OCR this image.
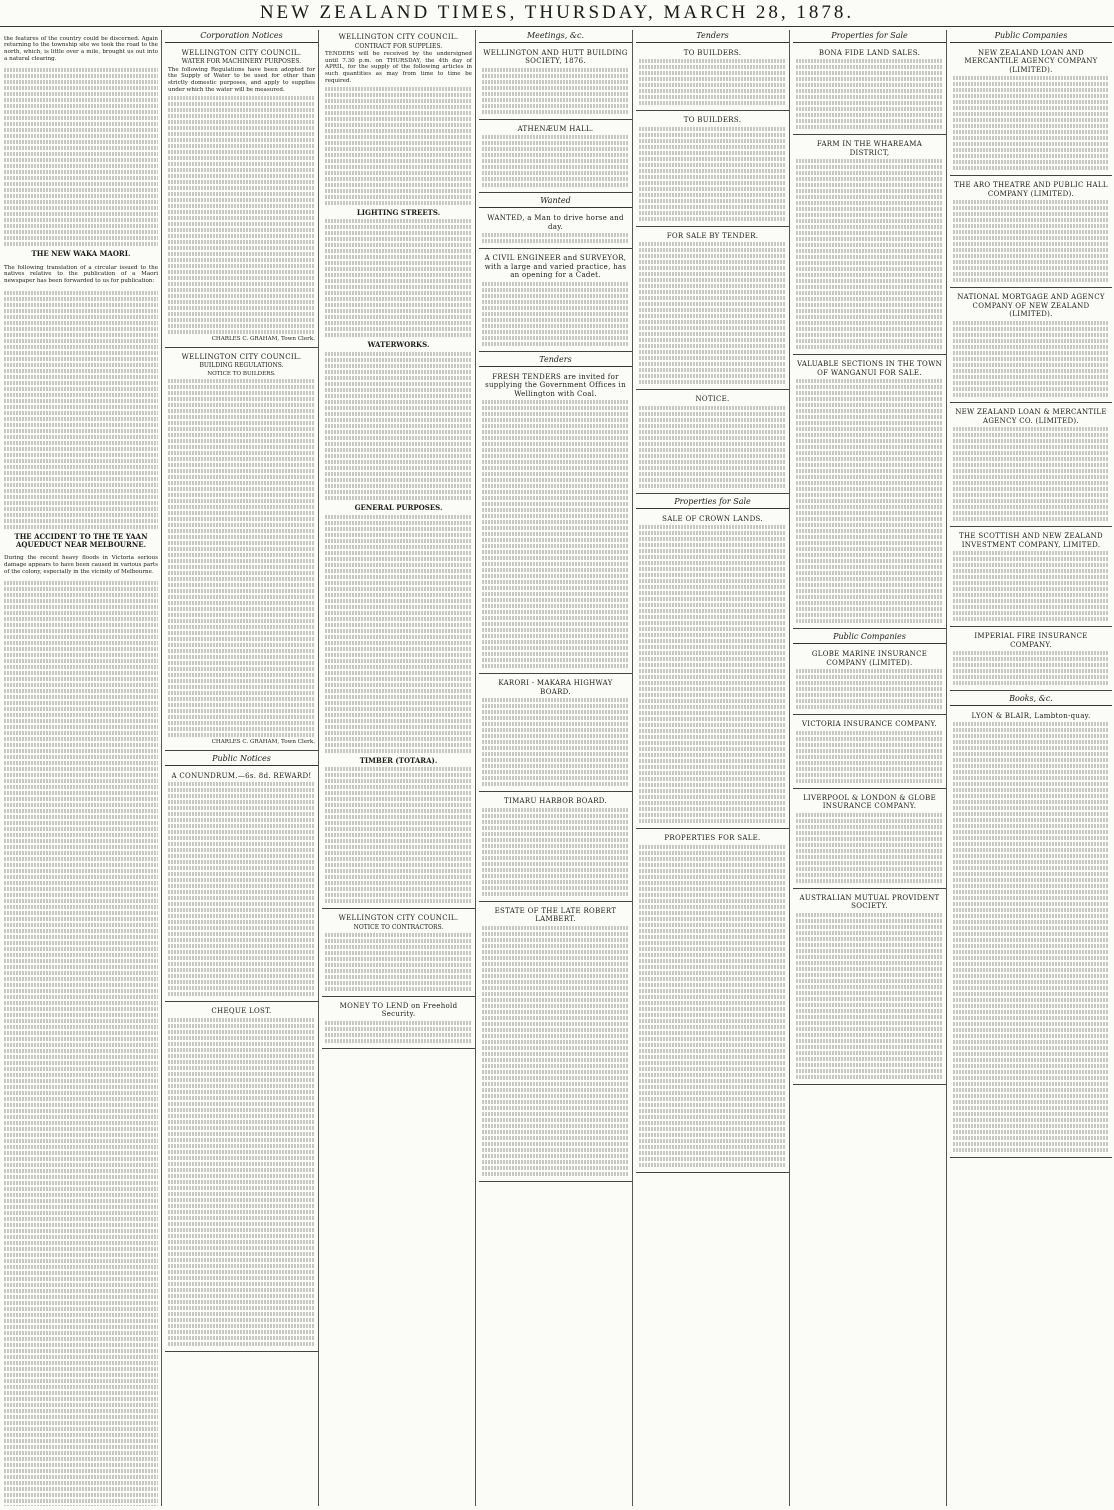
NEW ZEALAND TIMES, THURSDAY, MARCH 28, 1878.

the features of the country could be discerned. Again returning to the township site we took the road to the north, which, is little over a mile, brought us out into a natural clearing.

THE NEW WAKA MAORI.

The following translation of a circular issued to the natives relative to the publication of a Maori newspaper has been forwarded to us for publication:

THE ACCIDENT TO THE TE YAAN AQUEDUCT NEAR MELBOURNE.

During the recent heavy floods in Victoria serious damage appears to have been caused in various parts of the colony, especially in the vicinity of Melbourne.

Corporation Notices
WELLINGTON CITY COUNCIL.
WATER FOR MACHINERY PURPOSES.

The following Regulations have been adopted for the Supply of Water to be used for other than strictly domestic purposes, and apply to supplies under which the water will be measured.

CHARLES C. GRAHAM, Town Clerk.

WELLINGTON CITY COUNCIL.
BUILDING REGULATIONS.

NOTICE TO BUILDERS.

CHARLES C. GRAHAM, Town Clerk.

Public Notices
A CONUNDRUM.—6s. 8d. REWARD!
CHEQUE LOST.
WELLINGTON CITY COUNCIL.
CONTRACT FOR SUPPLIES.

TENDERS will be received by the undersigned until 7.30 p.m. on THURSDAY, the 4th day of APRIL, for the supply of the following articles in such quantities as may from time to time be required.

LIGHTING STREETS.
WATERWORKS.
GENERAL PURPOSES.
TIMBER (TOTARA).
WELLINGTON CITY COUNCIL.
NOTICE TO CONTRACTORS.
MONEY TO LEND on Freehold Security.
Meetings, &c.
WELLINGTON AND HUTT BUILDING SOCIETY, 1876.
ATHENÆUM HALL.
Wanted
WANTED, a Man to drive horse and day.
A CIVIL ENGINEER and SURVEYOR, with a large and varied practice, has an opening for a Cadet.
Tenders
FRESH TENDERS are invited for supplying the Government Offices in Wellington with Coal.
KARORI - MAKARA HIGHWAY BOARD.
TIMARU HARBOR BOARD.
ESTATE OF THE LATE ROBERT LAMBERT.
Tenders
TO BUILDERS.
TO BUILDERS.
FOR SALE BY TENDER.
NOTICE.
Properties for Sale
SALE OF CROWN LANDS.
PROPERTIES FOR SALE.
Properties for Sale
BONA FIDE LAND SALES.
FARM IN THE WHAREAMA DISTRICT,
VALUABLE SECTIONS IN THE TOWN OF WANGANUI FOR SALE.
Public Companies
GLOBE MARINE INSURANCE COMPANY (LIMITED).
VICTORIA INSURANCE COMPANY.
LIVERPOOL & LONDON & GLOBE INSURANCE COMPANY.
AUSTRALIAN MUTUAL PROVIDENT SOCIETY.
Public Companies
NEW ZEALAND LOAN AND MERCANTILE AGENCY COMPANY (LIMITED).
THE ARO THEATRE AND PUBLIC HALL COMPANY (LIMITED).
NATIONAL MORTGAGE AND AGENCY COMPANY OF NEW ZEALAND (LIMITED).
NEW ZEALAND LOAN & MERCANTILE AGENCY CO. (LIMITED).
THE SCOTTISH AND NEW ZEALAND INVESTMENT COMPANY, LIMITED.
IMPERIAL FIRE INSURANCE COMPANY.
Books, &c.
LYON & BLAIR, Lambton-quay.
